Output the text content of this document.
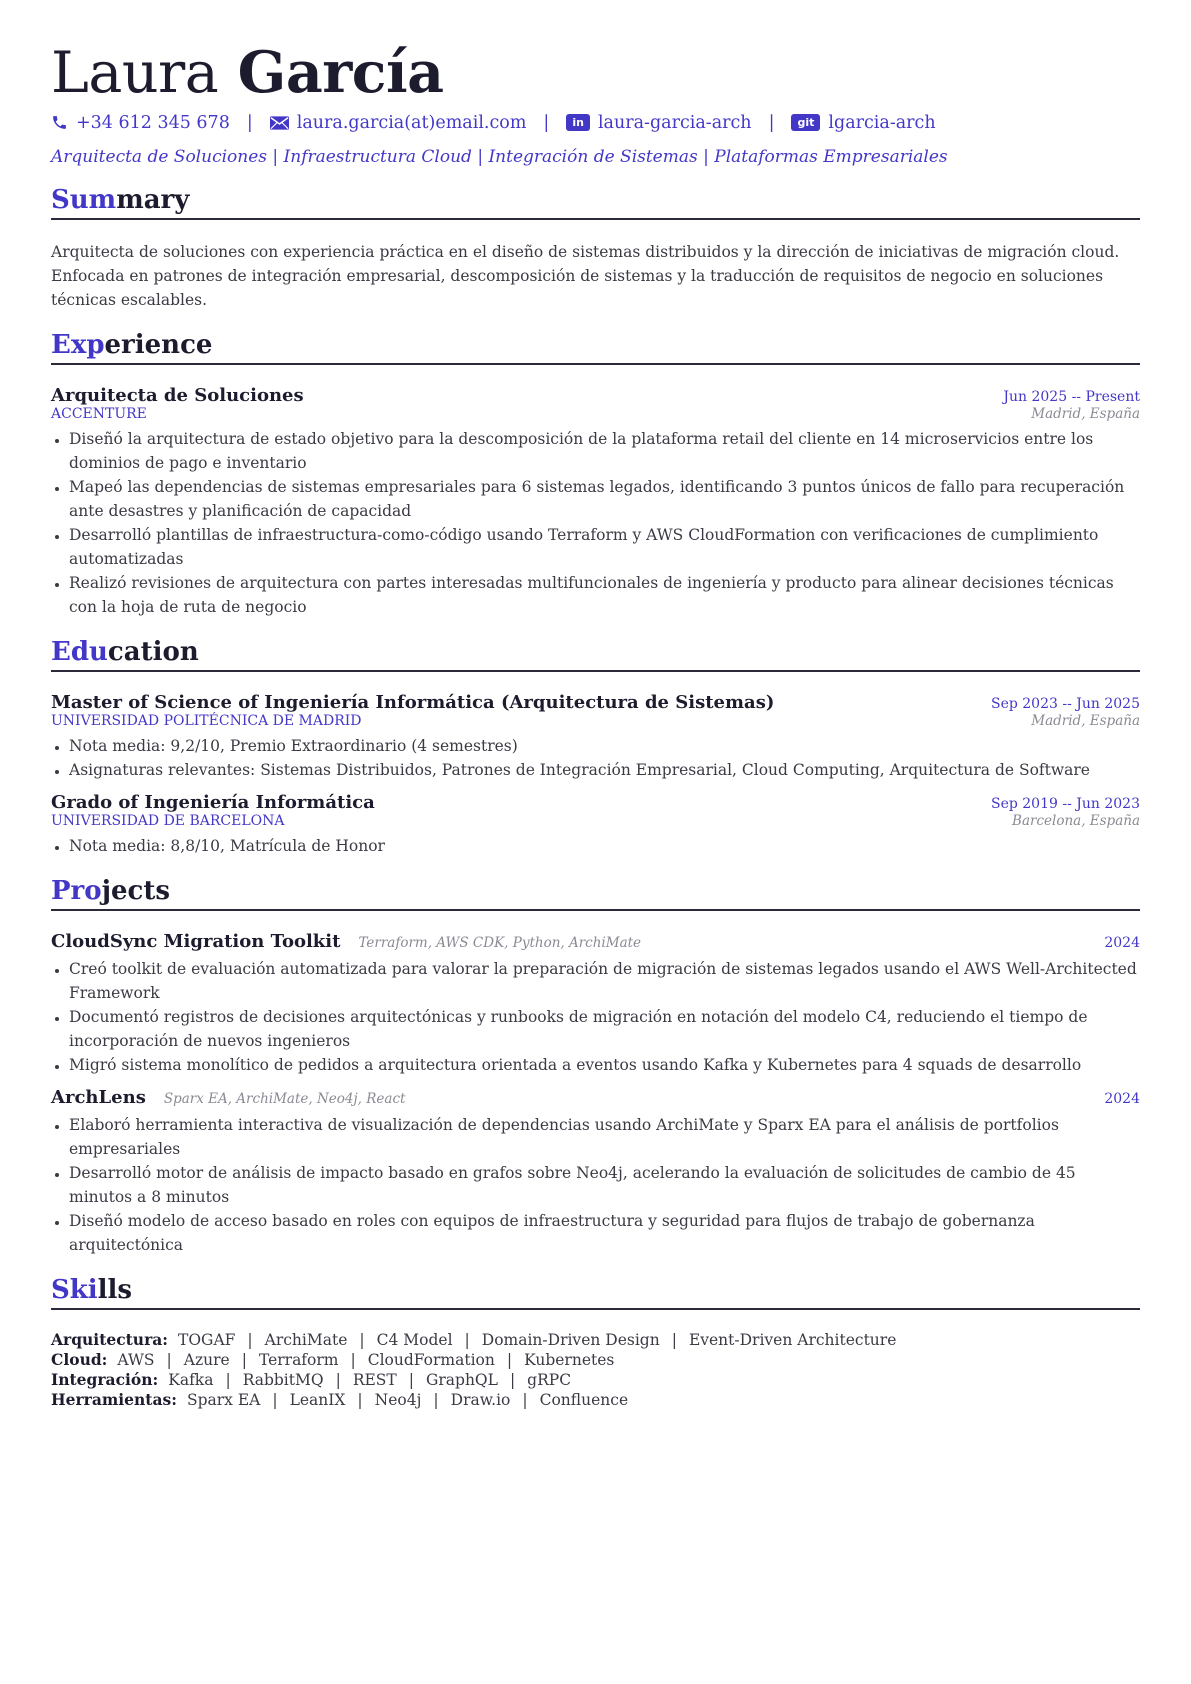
Laura García
+34 612 345 678 |	laura.garcia(at)email.com |	in laura-garcia-arch |	git lgarcia-arch
Arquitecta de Soluciones | Infraestructura Cloud | Integración de Sistemas | Plataformas Empresariales
Summary
Arquitecta de soluciones con experiencia práctica en el diseño de sistemas distribuidos y la dirección de iniciativas de migración cloud. Enfocada en patrones de integración empresarial, descomposición de sistemas y la traducción de requisitos de negocio en soluciones técnicas escalables.
Experience
Arquitecta de Soluciones	Jun 2025 -- Present
ACCENTURE	Madrid, España
• Diseñó la arquitectura de estado objetivo para la descomposición de la plataforma retail del cliente en 14 microservicios entre los dominios de pago e inventario
• Mapeó las dependencias de sistemas empresariales para 6 sistemas legados, identificando 3 puntos únicos de fallo para recuperación ante desastres y planificación de capacidad
• Desarrolló plantillas de infraestructura-como-código usando Terraform y AWS CloudFormation con verificaciones de cumplimiento automatizadas
• Realizó revisiones de arquitectura con partes interesadas multifuncionales de ingeniería y producto para alinear decisiones técnicas con la hoja de ruta de negocio
Education
Master of Science of Ingeniería Informática (Arquitectura de Sistemas)	Sep 2023 -- Jun 2025
UNIVERSIDAD POLITÉCNICA DE MADRID	Madrid, España
• Nota media: 9,2/10, Premio Extraordinario (4 semestres)
• Asignaturas relevantes: Sistemas Distribuidos, Patrones de Integración Empresarial, Cloud Computing, Arquitectura de Software
Grado of Ingeniería Informática	Sep 2019 -- Jun 2023
UNIVERSIDAD DE BARCELONA	Barcelona, España
• Nota media: 8,8/10, Matrícula de Honor
Projects
CloudSync Migration Toolkit Terraform, AWS CDK, Python, ArchiMate	2024
• Creó toolkit de evaluación automatizada para valorar la preparación de migración de sistemas legados usando el AWS Well-Architected Framework
• Documentó registros de decisiones arquitectónicas y runbooks de migración en notación del modelo C4, reduciendo el tiempo de incorporación de nuevos ingenieros
• Migró sistema monolítico de pedidos a arquitectura orientada a eventos usando Kafka y Kubernetes para 4 squads de desarrollo
ArchLens Sparx EA, ArchiMate, Neo4j, React	2024
• Elaboró herramienta interactiva de visualización de dependencias usando ArchiMate y Sparx EA para el análisis de portfolios empresariales
• Desarrolló motor de análisis de impacto basado en grafos sobre Neo4j, acelerando la evaluación de solicitudes de cambio de 45 minutos a 8 minutos
• Diseñó modelo de acceso basado en roles con equipos de infraestructura y seguridad para flujos de trabajo de gobernanza arquitectónica
Skills
Arquitectura: TOGAF | ArchiMate | C4 Model | Domain-Driven Design | Event-Driven Architecture
Cloud: AWS | Azure | Terraform | CloudFormation | Kubernetes
Integración: Kafka | RabbitMQ | REST | GraphQL | gRPC
Herramientas: Sparx EA | LeanIX | Neo4j | Draw.io | Confluence
